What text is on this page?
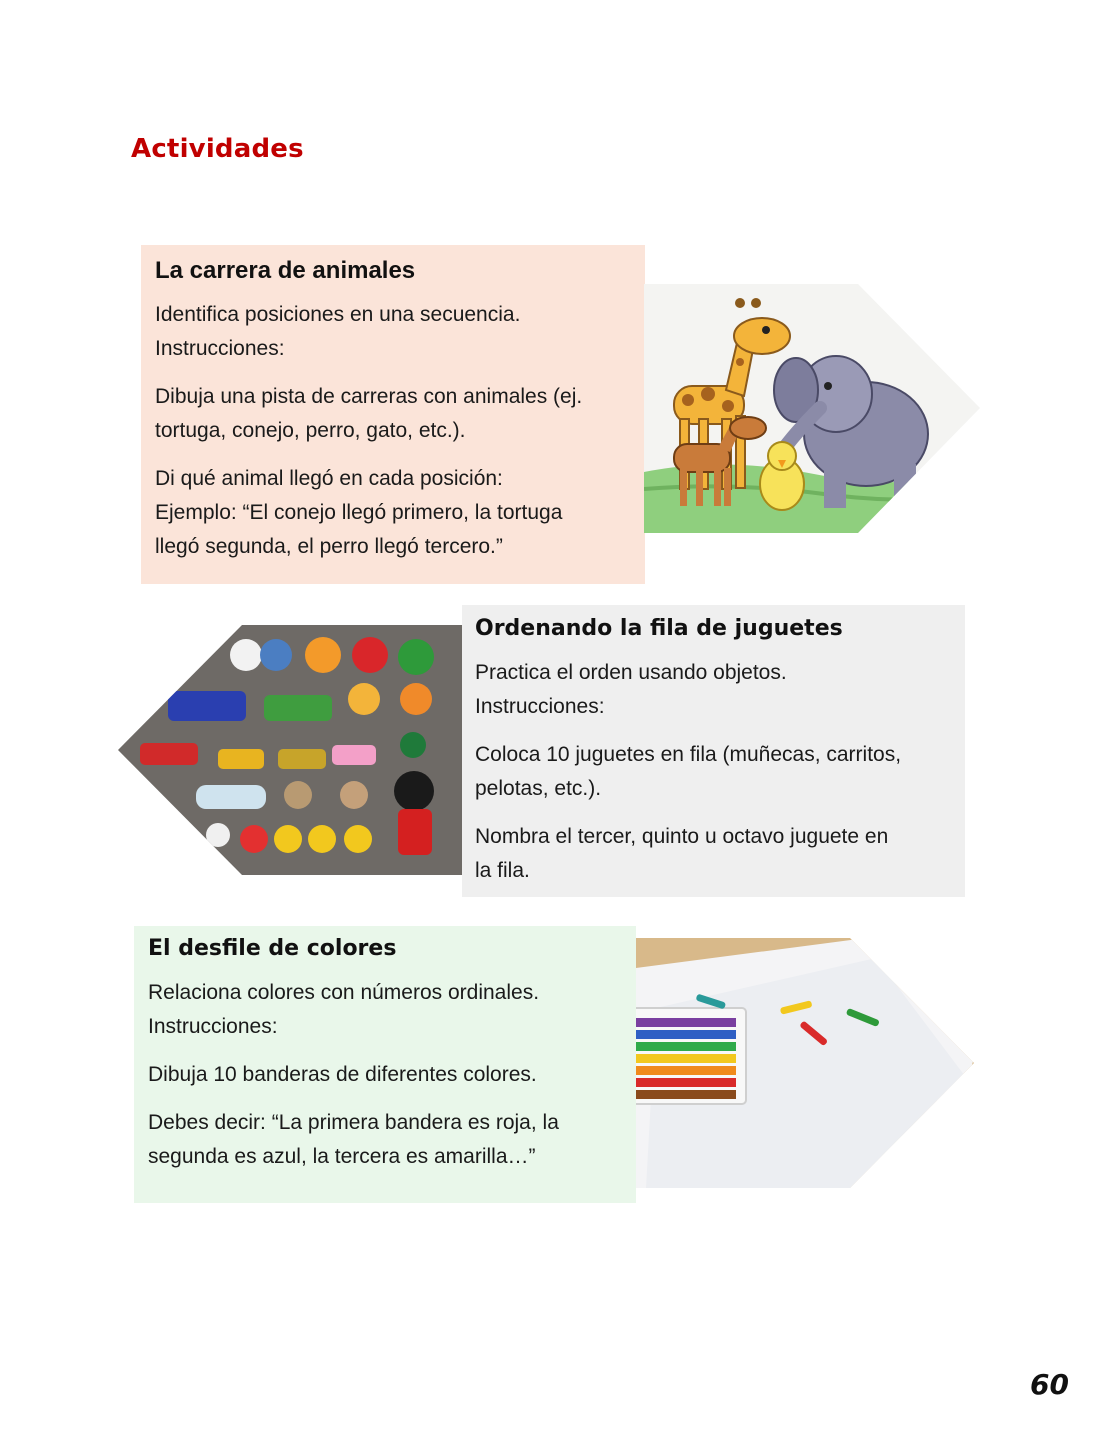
Actividades
La carrera de animales

Identifica posiciones en una secuencia.
Instrucciones:

Dibuja una pista de carreras con animales (ej.
tortuga, conejo, perro, gato, etc.).

Di qué animal llegó en cada posición:
Ejemplo: “El conejo llegó primero, la tortuga
llegó segunda, el perro llegó tercero.”

Ordenando la fila de juguetes

Practica el orden usando objetos.
Instrucciones:

Coloca 10 juguetes en fila (muñecas, carritos,
pelotas, etc.).

Nombra el tercer, quinto u octavo juguete en
la fila.

El desfile de colores

Relaciona colores con números ordinales.
Instrucciones:

Dibuja 10 banderas de diferentes colores.

Debes decir: “La primera bandera es roja, la
segunda es azul, la tercera es amarilla…”

60
